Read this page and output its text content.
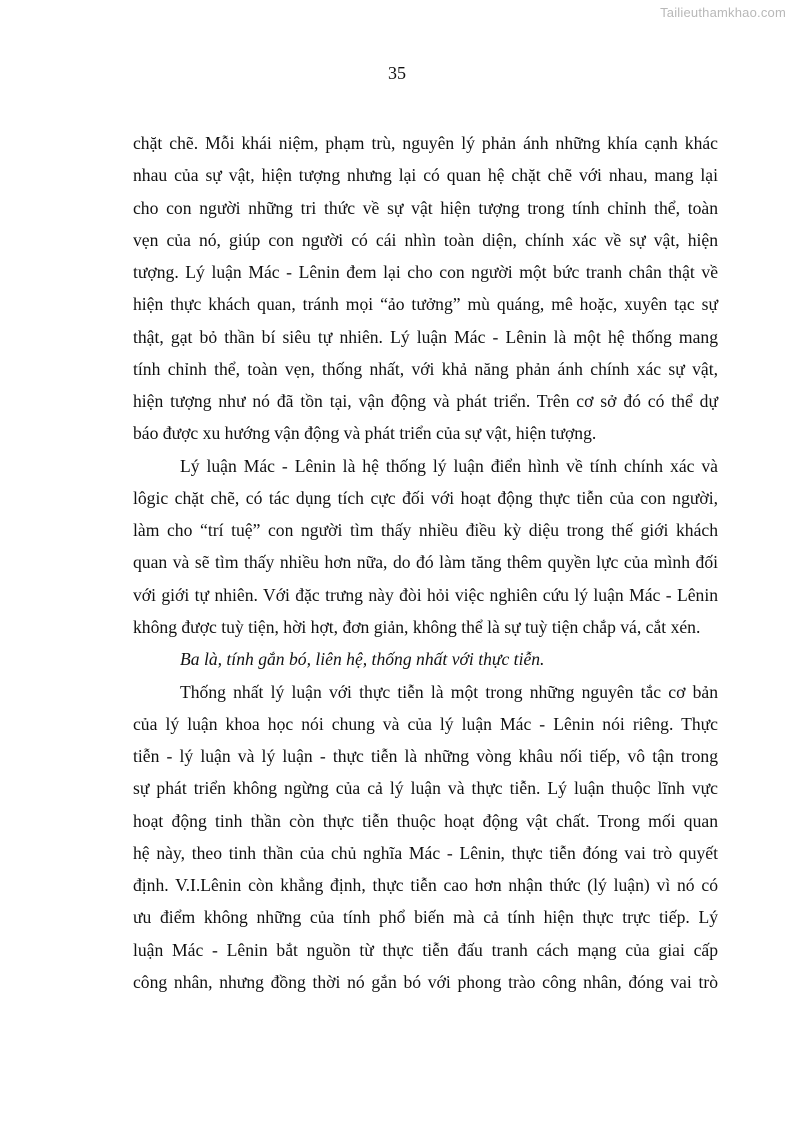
Tailieuthamkhao.com
35
chặt chẽ. Mỗi khái niệm, phạm trù, nguyên lý phản ánh những khía cạnh khác
nhau của sự vật, hiện tượng nhưng lại có quan hệ chặt chẽ với nhau, mang lại
cho con người những tri thức về sự vật hiện tượng trong tính chỉnh thể, toàn
vẹn của nó, giúp con người có cái nhìn toàn diện, chính xác về sự vật, hiện
tượng. Lý luận Mác - Lênin đem lại cho con người một bức tranh chân thật về
hiện thực khách quan, tránh mọi “ảo tưởng” mù quáng, mê hoặc, xuyên tạc sự
thật, gạt bỏ thần bí siêu tự nhiên. Lý luận Mác - Lênin là một hệ thống mang
tính chỉnh thể, toàn vẹn, thống nhất, với khả năng phản ánh chính xác sự vật,
hiện tượng như nó đã tồn tại, vận động và phát triển. Trên cơ sở đó có thể dự
báo được xu hướng vận động và phát triển của sự vật, hiện tượng.
Lý luận Mác - Lênin là hệ thống lý luận điển hình về tính chính xác và
lôgic chặt chẽ, có tác dụng tích cực đối với hoạt động thực tiễn của con người,
làm cho “trí tuệ” con người tìm thấy nhiều điều kỳ diệu trong thế giới khách
quan và sẽ tìm thấy nhiều hơn nữa, do đó làm tăng thêm quyền lực của mình đối
với giới tự nhiên. Với đặc trưng này đòi hỏi việc nghiên cứu lý luận Mác - Lênin
không được tuỳ tiện, hời hợt, đơn giản, không thể là sự tuỳ tiện chắp vá, cắt xén.
Ba là, tính gắn bó, liên hệ, thống nhất với thực tiễn.
Thống nhất lý luận với thực tiễn là một trong những nguyên tắc cơ bản
của lý luận khoa học nói chung và của lý luận Mác - Lênin nói riêng. Thực
tiễn - lý luận và lý luận - thực tiễn là những vòng khâu nối tiếp, vô tận trong
sự phát triển không ngừng của cả lý luận và thực tiễn. Lý luận thuộc lĩnh vực
hoạt động tinh thần còn thực tiễn thuộc hoạt động vật chất. Trong mối quan
hệ này, theo tinh thần của chủ nghĩa Mác - Lênin, thực tiễn đóng vai trò quyết
định. V.I.Lênin còn khẳng định, thực tiễn cao hơn nhận thức (lý luận) vì nó có
ưu điểm không những của tính phổ biến mà cả tính hiện thực trực tiếp. Lý
luận Mác - Lênin bắt nguồn từ thực tiễn đấu tranh cách mạng của giai cấp
công nhân, nhưng đồng thời nó gắn bó với phong trào công nhân, đóng vai trò
